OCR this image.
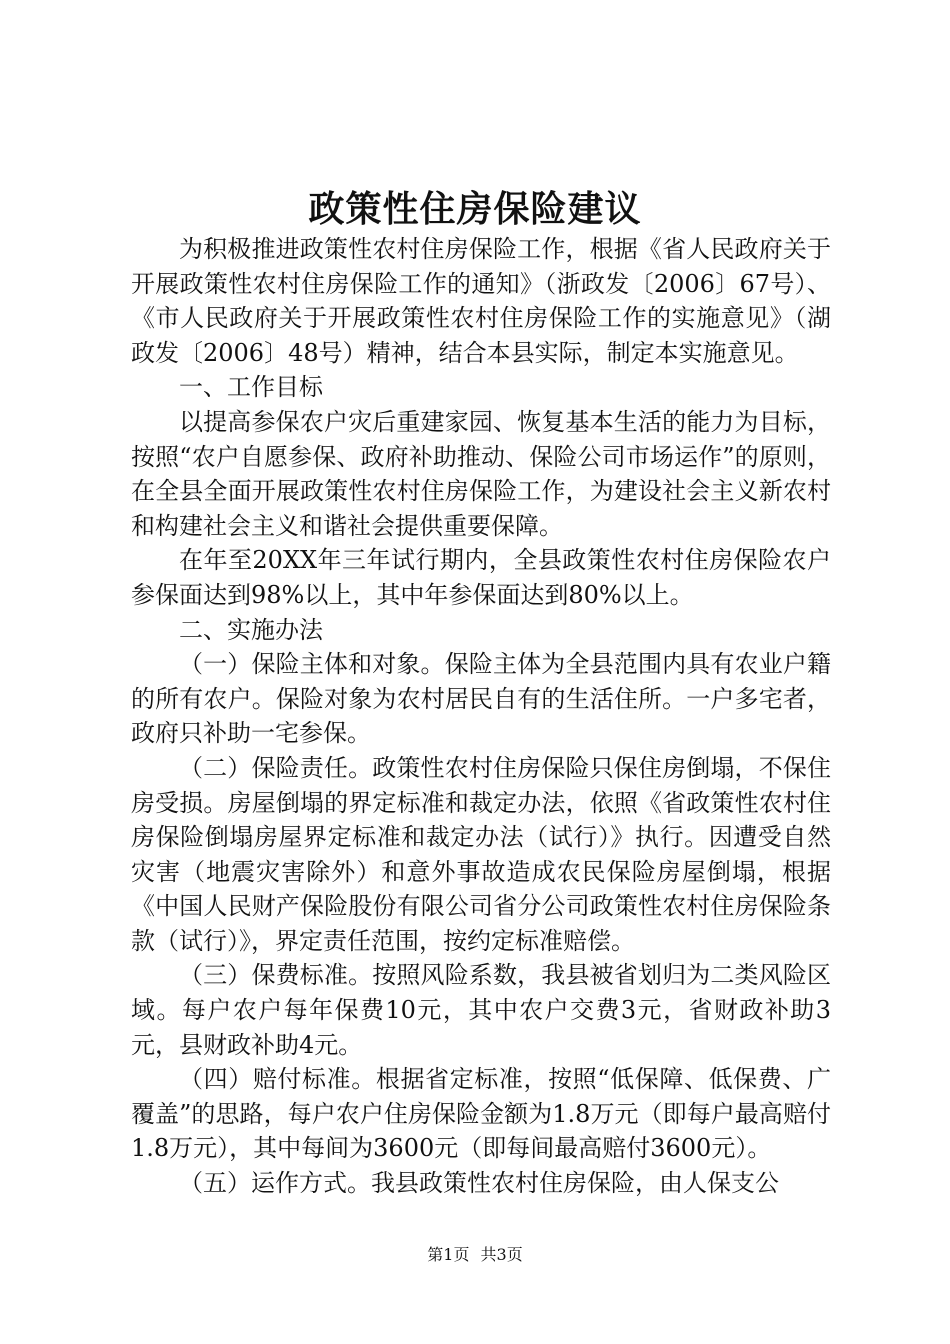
政策性住房保险建议

为积极推进政策性农村住房保险工作，根据《省人民政府关于开展政策性农村住房保险工作的通知》（浙政发〔2006〕67号）、《市人民政府关于开展政策性农村住房保险工作的实施意见》（湖政发〔2006〕48号）精神，结合本县实际，制定本实施意见。

一、工作目标

以提高参保农户灾后重建家园、恢复基本生活的能力为目标，按照“农户自愿参保、政府补助推动、保险公司市场运作”的原则，在全县全面开展政策性农村住房保险工作，为建设社会主义新农村和构建社会主义和谐社会提供重要保障。

在年至20XX年三年试行期内，全县政策性农村住房保险农户参保面达到98%以上，其中年参保面达到80%以上。

二、实施办法

（一）保险主体和对象。保险主体为全县范围内具有农业户籍的所有农户。保险对象为农村居民自有的生活住所。一户多宅者，政府只补助一宅参保。

（二）保险责任。政策性农村住房保险只保住房倒塌，不保住房受损。房屋倒塌的界定标准和裁定办法，依照《省政策性农村住房保险倒塌房屋界定标准和裁定办法（试行）》执行。因遭受自然灾害（地震灾害除外）和意外事故造成农民保险房屋倒塌，根据《中国人民财产保险股份有限公司省分公司政策性农村住房保险条款（试行）》，界定责任范围，按约定标准赔偿。

（三）保费标准。按照风险系数，我县被省划归为二类风险区域。每户农户每年保费10元，其中农户交费3元，省财政补助3元，县财政补助4元。

（四）赔付标准。根据省定标准，按照“低保障、低保费、广覆盖”的思路，每户农户住房保险金额为1.8万元（即每户最高赔付1.8万元），其中每间为3600元（即每间最高赔付3600元）。

（五）运作方式。我县政策性农村住房保险，由人保支公

第1页 共3页
